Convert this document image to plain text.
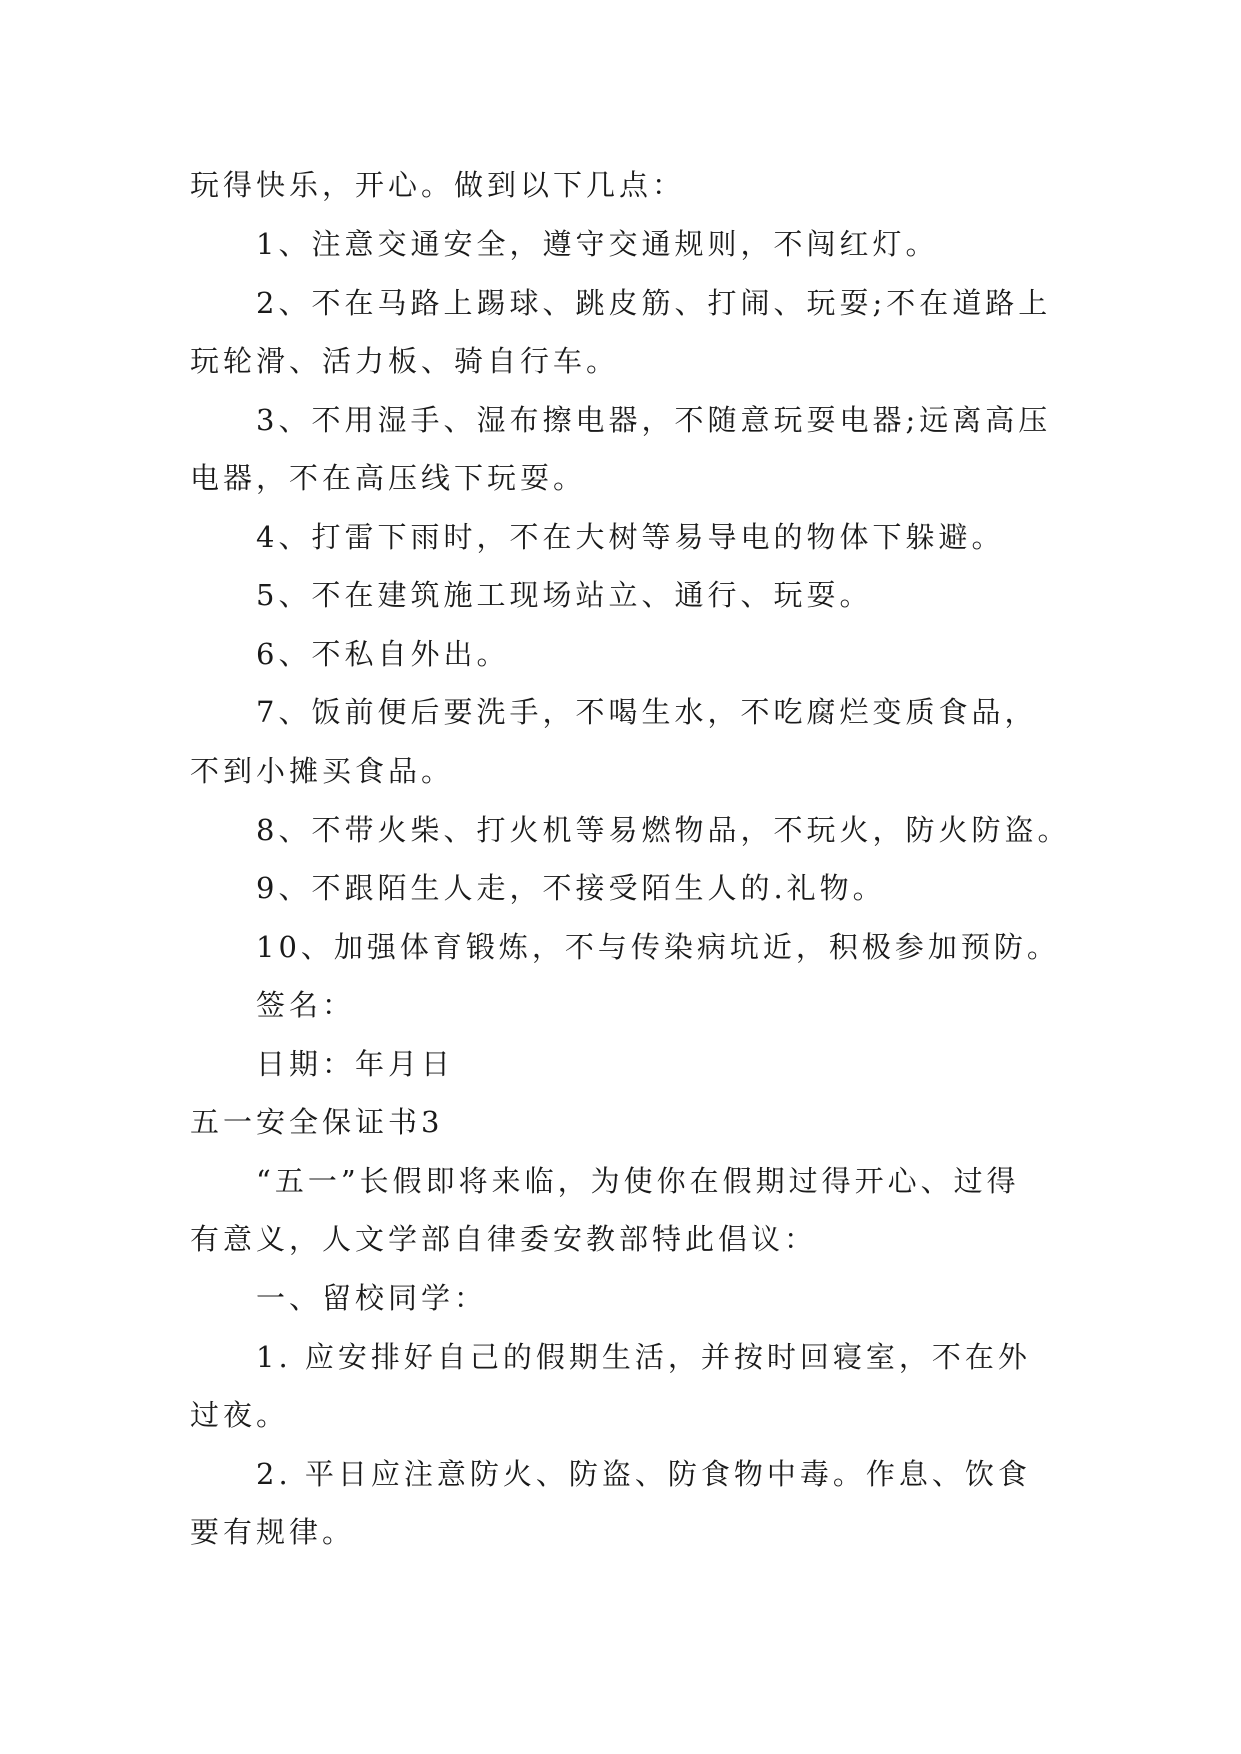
玩得快乐，开心。做到以下几点：
1、注意交通安全，遵守交通规则，不闯红灯。
2、不在马路上踢球、跳皮筋、打闹、玩耍;不在道路上
玩轮滑、活力板、骑自行车。
3、不用湿手、湿布擦电器，不随意玩耍电器;远离高压
电器，不在高压线下玩耍。
4、打雷下雨时，不在大树等易导电的物体下躲避。
5、不在建筑施工现场站立、通行、玩耍。
6、不私自外出。
7、饭前便后要洗手，不喝生水，不吃腐烂变质食品，
不到小摊买食品。
8、不带火柴、打火机等易燃物品，不玩火，防火防盗。
9、不跟陌生人走，不接受陌生人的.礼物。
10、加强体育锻炼，不与传染病坑近，积极参加预防。
签名：
日期：年月日
五一安全保证书3
“五一”长假即将来临，为使你在假期过得开心、过得
有意义，人文学部自律委安教部特此倡议：
一、留校同学：
1. 应安排好自己的假期生活，并按时回寝室，不在外
过夜。
2. 平日应注意防火、防盗、防食物中毒。作息、饮食
要有规律。
